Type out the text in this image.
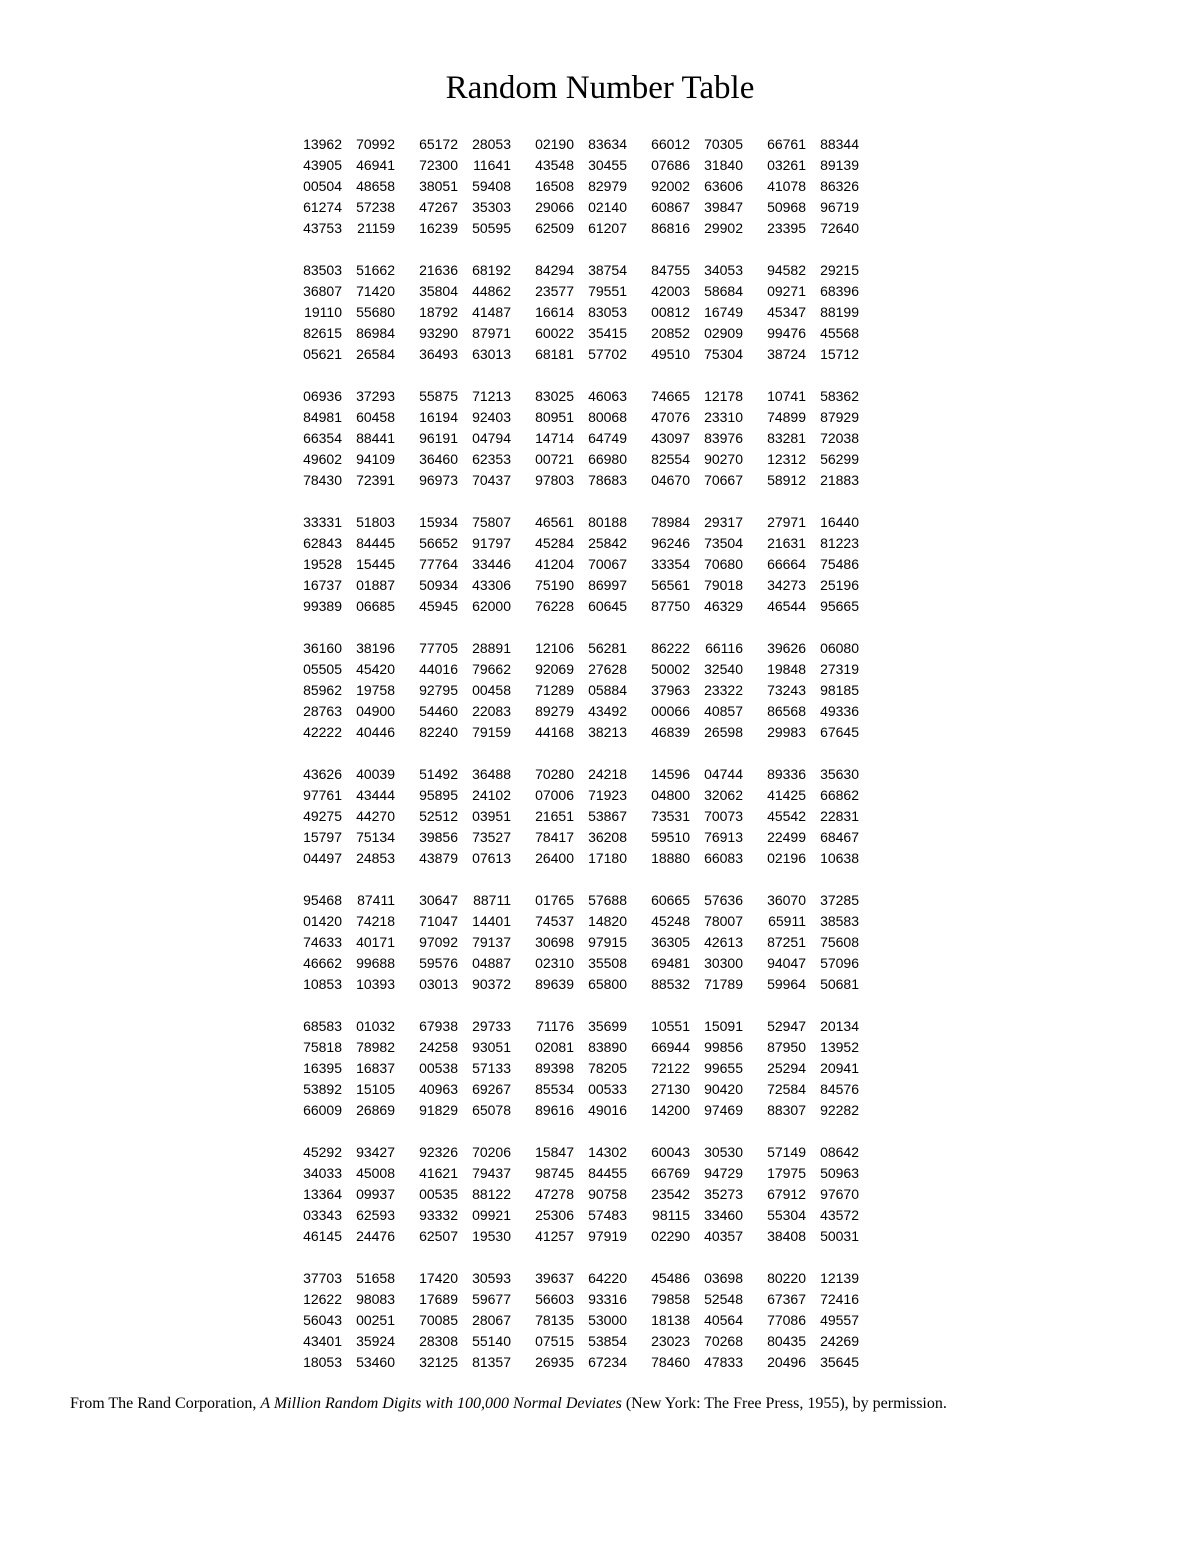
Random Number Table
13962 70992 65172 28053 02190 83634 66012 70305 66761 88344
43905 46941 72300 11641 43548 30455 07686 31840 03261 89139
00504 48658 38051 59408 16508 82979 92002 63606 41078 86326
61274 57238 47267 35303 29066 02140 60867 39847 50968 96719
43753 21159 16239 50595 62509 61207 86816 29902 23395 72640
83503 51662 21636 68192 84294 38754 84755 34053 94582 29215
36807 71420 35804 44862 23577 79551 42003 58684 09271 68396
19110 55680 18792 41487 16614 83053 00812 16749 45347 88199
82615 86984 93290 87971 60022 35415 20852 02909 99476 45568
05621 26584 36493 63013 68181 57702 49510 75304 38724 15712
06936 37293 55875 71213 83025 46063 74665 12178 10741 58362
84981 60458 16194 92403 80951 80068 47076 23310 74899 87929
66354 88441 96191 04794 14714 64749 43097 83976 83281 72038
49602 94109 36460 62353 00721 66980 82554 90270 12312 56299
78430 72391 96973 70437 97803 78683 04670 70667 58912 21883
33331 51803 15934 75807 46561 80188 78984 29317 27971 16440
62843 84445 56652 91797 45284 25842 96246 73504 21631 81223
19528 15445 77764 33446 41204 70067 33354 70680 66664 75486
16737 01887 50934 43306 75190 86997 56561 79018 34273 25196
99389 06685 45945 62000 76228 60645 87750 46329 46544 95665
36160 38196 77705 28891 12106 56281 86222 66116 39626 06080
05505 45420 44016 79662 92069 27628 50002 32540 19848 27319
85962 19758 92795 00458 71289 05884 37963 23322 73243 98185
28763 04900 54460 22083 89279 43492 00066 40857 86568 49336
42222 40446 82240 79159 44168 38213 46839 26598 29983 67645
43626 40039 51492 36488 70280 24218 14596 04744 89336 35630
97761 43444 95895 24102 07006 71923 04800 32062 41425 66862
49275 44270 52512 03951 21651 53867 73531 70073 45542 22831
15797 75134 39856 73527 78417 36208 59510 76913 22499 68467
04497 24853 43879 07613 26400 17180 18880 66083 02196 10638
95468 87411 30647 88711 01765 57688 60665 57636 36070 37285
01420 74218 71047 14401 74537 14820 45248 78007 65911 38583
74633 40171 97092 79137 30698 97915 36305 42613 87251 75608
46662 99688 59576 04887 02310 35508 69481 30300 94047 57096
10853 10393 03013 90372 89639 65800 88532 71789 59964 50681
68583 01032 67938 29733 71176 35699 10551 15091 52947 20134
75818 78982 24258 93051 02081 83890 66944 99856 87950 13952
16395 16837 00538 57133 89398 78205 72122 99655 25294 20941
53892 15105 40963 69267 85534 00533 27130 90420 72584 84576
66009 26869 91829 65078 89616 49016 14200 97469 88307 92282
45292 93427 92326 70206 15847 14302 60043 30530 57149 08642
34033 45008 41621 79437 98745 84455 66769 94729 17975 50963
13364 09937 00535 88122 47278 90758 23542 35273 67912 97670
03343 62593 93332 09921 25306 57483 98115 33460 55304 43572
46145 24476 62507 19530 41257 97919 02290 40357 38408 50031
37703 51658 17420 30593 39637 64220 45486 03698 80220 12139
12622 98083 17689 59677 56603 93316 79858 52548 67367 72416
56043 00251 70085 28067 78135 53000 18138 40564 77086 49557
43401 35924 28308 55140 07515 53854 23023 70268 80435 24269
18053 53460 32125 81357 26935 67234 78460 47833 20496 35645

From The Rand Corporation, A Million Random Digits with 100,000 Normal Deviates (New York: The Free Press, 1955), by permission.
